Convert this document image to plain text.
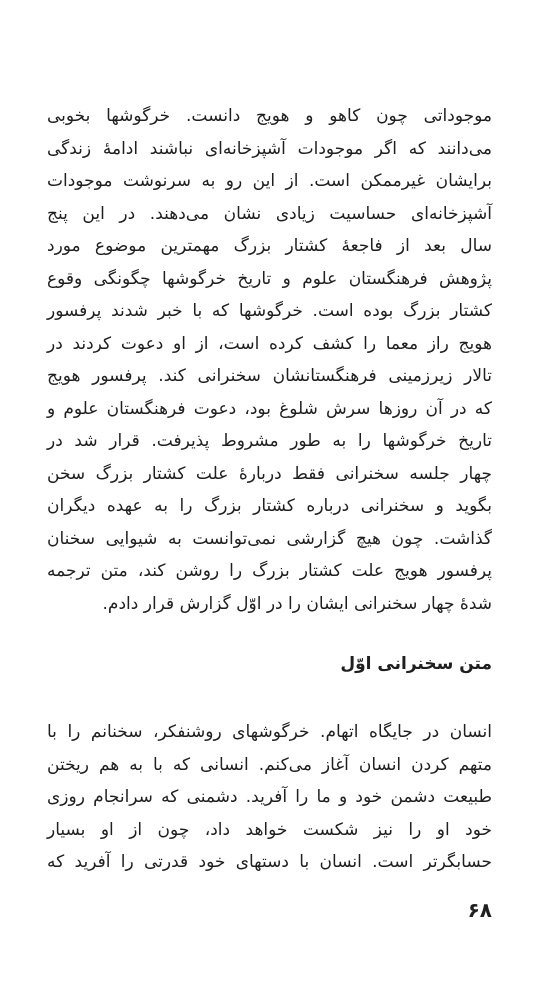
موجوداتی چون کاهو و هویج دانست. خرگوشها بخوبی
می‌دانند که اگر موجودات آشپزخانه‌ای نباشند ادامهٔ زندگی
برایشان غیرممکن است. از این رو به سرنوشت موجودات
آشپزخانه‌ای حساسیت زیادی نشان می‌دهند. در این پنج
سال بعد از فاجعهٔ کشتار بزرگ مهمترین موضوع مورد
پژوهش فرهنگستان علوم و تاریخ خرگوشها چگونگی وقوع
کشتار بزرگ بوده است. خرگوشها که با خبر شدند پرفسور
هویج راز معما را کشف کرده است، از او دعوت کردند در
تالار زیرزمینی فرهنگستانشان سخنرانی کند. پرفسور هویج
که در آن روزها سرش شلوغ بود، دعوت فرهنگستان علوم و
تاریخ خرگوشها را به طور مشروط پذیرفت. قرار شد در
چهار جلسه سخنرانی فقط دربارهٔ علت کشتار بزرگ سخن
بگوید و سخنرانی درباره کشتار بزرگ را به عهده دیگران
گذاشت. چون هیچ گزارشی نمی‌توانست به شیوایی سخنان
پرفسور هویج علت کشتار بزرگ را روشن کند، متن ترجمه
شدهٔ چهار سخنرانی ایشان را در اوّل گزارش قرار دادم.
متن سخنرانی اوّل
انسان در جایگاه اتهام. خرگوشهای روشنفکر، سخنانم را با
متهم کردن انسان آغاز می‌کنم. انسانی که با به هم ریختن
طبیعت دشمن خود و ما را آفرید. دشمنی که سرانجام روزی
خود او را نیز شکست خواهد داد، چون از او بسیار
حسابگرتر است. انسان با دستهای خود قدرتی را آفرید که
۶۸
